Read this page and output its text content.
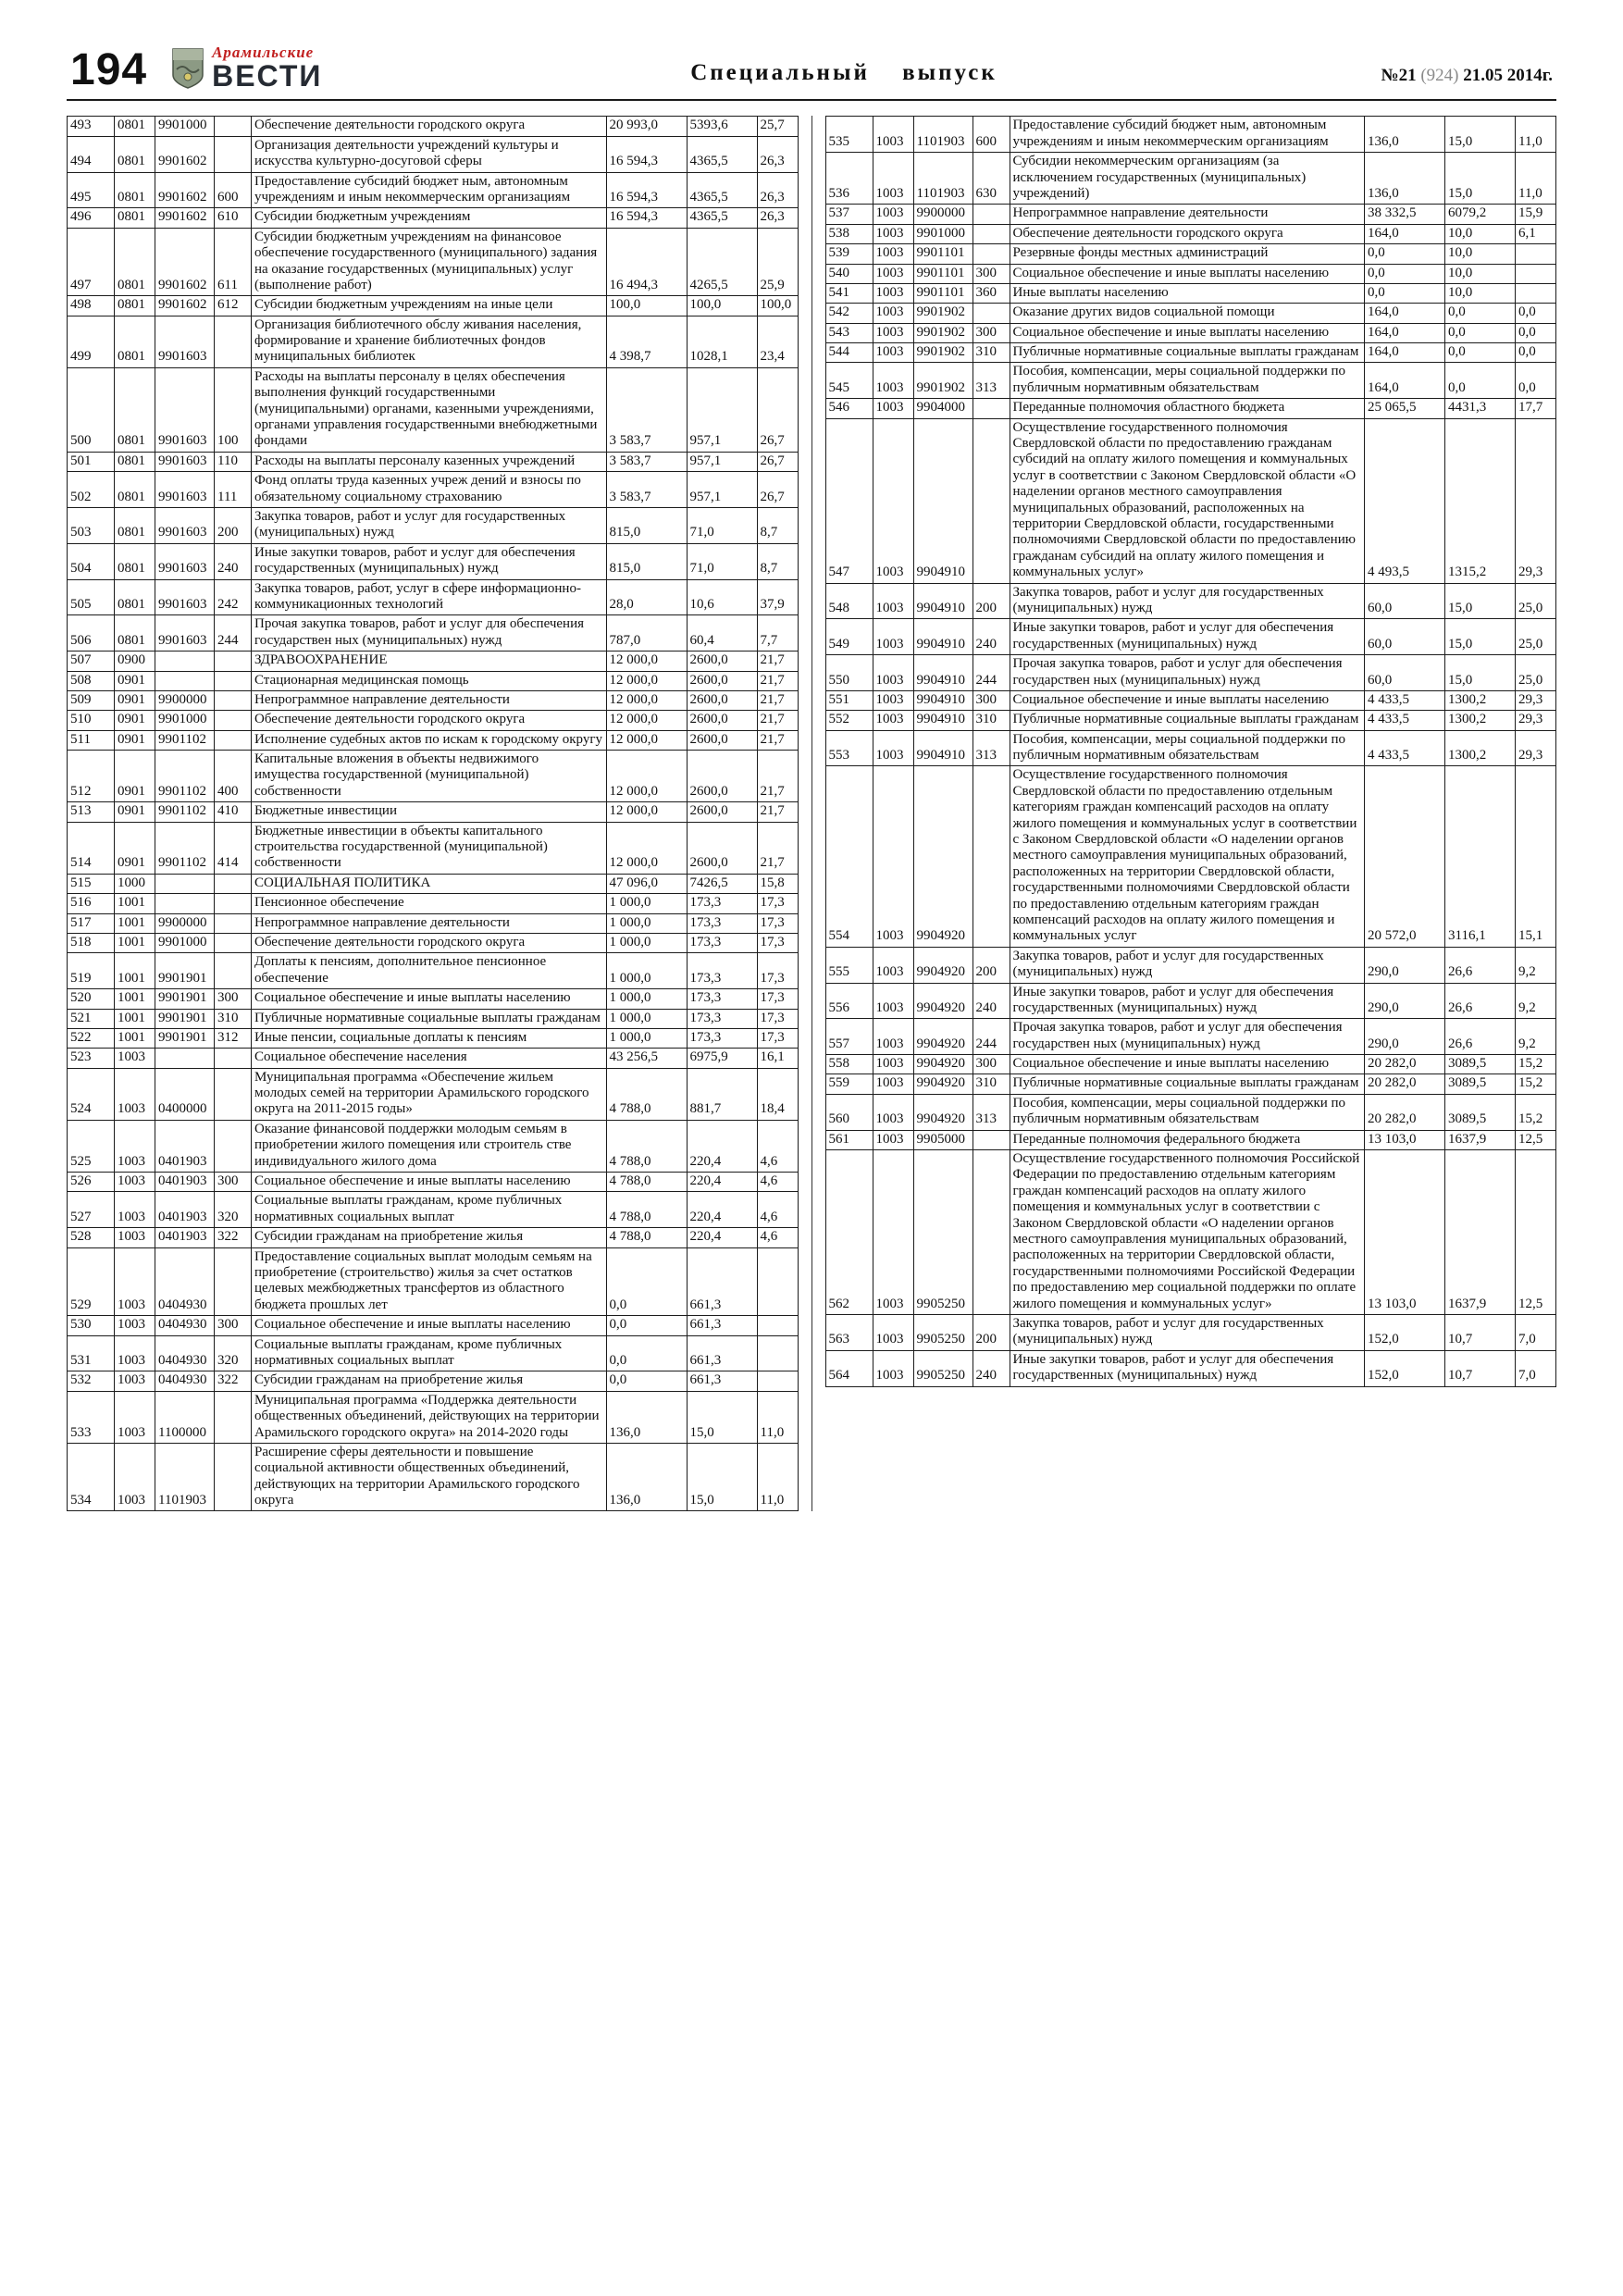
194	Арамильские
ВЕСТИ	Специальный выпуск	№21 (924) 21.05 2014г.
493	0801	9901000		Обеспечение деятельности городского округа	20 993,0	5393,6	25,7
494	0801	9901602		Организация деятельности учреждений культуры и искусства культурно-досуговой сферы	16 594,3	4365,5	26,3
495	0801	9901602	600	Предоставление субсидий бюджет ным, автономным учреждениям и иным некоммерческим организациям	16 594,3	4365,5	26,3
496	0801	9901602	610	Субсидии бюджетным учреждениям	16 594,3	4365,5	26,3
497	0801	9901602	611	Субсидии бюджетным учреждениям на финансовое обеспечение государственного (муниципального) задания на оказание государственных (муниципальных) услуг (выполнение работ)	16 494,3	4265,5	25,9
498	0801	9901602	612	Субсидии бюджетным учреждениям на иные цели	100,0	100,0	100,0
499	0801	9901603		Организация библиотечного обслу живания населения, формирование и хранение библиотечных фондов муниципальных библиотек	4 398,7	1028,1	23,4
500	0801	9901603	100	Расходы на выплаты персоналу в целях обеспечения выполнения функций государственными (муниципальными) органами, казенными учреждениями, органами управления государственными внебюджетными фондами	3 583,7	957,1	26,7
501	0801	9901603	110	Расходы на выплаты персоналу казенных учреждений	3 583,7	957,1	26,7
502	0801	9901603	111	Фонд оплаты труда казенных учреж дений и взносы по обязательному социальному страхованию	3 583,7	957,1	26,7
503	0801	9901603	200	Закупка товаров, работ и услуг для государственных (муниципальных) нужд	815,0	71,0	8,7
504	0801	9901603	240	Иные закупки товаров, работ и услуг для обеспечения государственных (муниципальных) нужд	815,0	71,0	8,7
505	0801	9901603	242	Закупка товаров, работ, услуг в сфере информационно-коммуникационных технологий	28,0	10,6	37,9
506	0801	9901603	244	Прочая закупка товаров, работ и услуг для обеспечения государствен ных (муниципальных) нужд	787,0	60,4	7,7
507	0900			ЗДРАВООХРАНЕНИЕ	12 000,0	2600,0	21,7
508	0901			Стационарная медицинская помощь	12 000,0	2600,0	21,7
509	0901	9900000		Непрограммное направление деятельности	12 000,0	2600,0	21,7
510	0901	9901000		Обеспечение деятельности городского округа	12 000,0	2600,0	21,7
511	0901	9901102		Исполнение судебных актов по искам к городскому округу	12 000,0	2600,0	21,7
512	0901	9901102	400	Капитальные вложения в объекты недвижимого имущества государственной (муниципальной) собственности	12 000,0	2600,0	21,7
513	0901	9901102	410	Бюджетные инвестиции	12 000,0	2600,0	21,7
514	0901	9901102	414	Бюджетные инвестиции в объекты капитального строительства государственной (муниципальной) собственности	12 000,0	2600,0	21,7
515	1000			СОЦИАЛЬНАЯ ПОЛИТИКА	47 096,0	7426,5	15,8
516	1001			Пенсионное обеспечение	1 000,0	173,3	17,3
517	1001	9900000		Непрограммное направление деятельности	1 000,0	173,3	17,3
518	1001	9901000		Обеспечение деятельности городского округа	1 000,0	173,3	17,3
519	1001	9901901		Доплаты к пенсиям, дополнительное пенсионное обеспечение	1 000,0	173,3	17,3
520	1001	9901901	300	Социальное обеспечение и иные выплаты населению	1 000,0	173,3	17,3
521	1001	9901901	310	Публичные нормативные социальные выплаты гражданам	1 000,0	173,3	17,3
522	1001	9901901	312	Иные пенсии, социальные доплаты к пенсиям	1 000,0	173,3	17,3
523	1003			Социальное обеспечение населения	43 256,5	6975,9	16,1
524	1003	0400000		Муниципальная программа «Обеспечение жильем молодых семей на территории Арамильского городского округа на 2011-2015 годы»	4 788,0	881,7	18,4
525	1003	0401903		Оказание финансовой поддержки молодым семьям в приобретении жилого помещения или строитель стве индивидуального жилого дома	4 788,0	220,4	4,6
526	1003	0401903	300	Социальное обеспечение и иные выплаты населению	4 788,0	220,4	4,6
527	1003	0401903	320	Социальные выплаты гражданам, кроме публичных нормативных социальных выплат	4 788,0	220,4	4,6
528	1003	0401903	322	Субсидии гражданам на приобретение жилья	4 788,0	220,4	4,6
529	1003	0404930		Предоставление социальных выплат молодым семьям на приобретение (строительство) жилья за счет остатков целевых межбюджетных трансфертов из областного бюджета прошлых лет	0,0	661,3	
530	1003	0404930	300	Социальное обеспечение и иные выплаты населению	0,0	661,3	
531	1003	0404930	320	Социальные выплаты гражданам, кроме публичных нормативных социальных выплат	0,0	661,3	
532	1003	0404930	322	Субсидии гражданам на приобретение жилья	0,0	661,3	
533	1003	1100000		Муниципальная программа «Поддержка деятельности общественных объединений, действующих на территории Арамильского городского округа» на 2014-2020 годы	136,0	15,0	11,0
534	1003	1101903		Расширение сферы деятельности и повышение социальной активности общественных объединений, действующих на территории Арамильского городского округа	136,0	15,0	11,0
535	1003	1101903	600	Предоставление субсидий бюджет ным, автономным учреждениям и иным некоммерческим организациям	136,0	15,0	11,0
536	1003	1101903	630	Субсидии некоммерческим организациям (за исключением государственных (муниципальных) учреждений)	136,0	15,0	11,0
537	1003	9900000		Непрограммное направление деятельности	38 332,5	6079,2	15,9
538	1003	9901000		Обеспечение деятельности городского округа	164,0	10,0	6,1
539	1003	9901101		Резервные фонды местных администраций	0,0	10,0	
540	1003	9901101	300	Социальное обеспечение и иные выплаты населению	0,0	10,0	
541	1003	9901101	360	Иные выплаты населению	0,0	10,0	
542	1003	9901902		Оказание других видов социальной помощи	164,0	0,0	0,0
543	1003	9901902	300	Социальное обеспечение и иные выплаты населению	164,0	0,0	0,0
544	1003	9901902	310	Публичные нормативные социальные выплаты гражданам	164,0	0,0	0,0
545	1003	9901902	313	Пособия, компенсации, меры социальной поддержки по публичным нормативным обязательствам	164,0	0,0	0,0
546	1003	9904000		Переданные полномочия областного бюджета	25 065,5	4431,3	17,7
547	1003	9904910		Осуществление государственного полномочия Свердловской области по предоставлению гражданам субсидий на оплату жилого помещения и коммунальных услуг в соответствии с Законом Свердловской области «О наделении органов местного самоуправления муниципальных образований, расположенных на территории Свердловской области, государственными полномочиями Свердловской области по предоставлению гражданам субсидий на оплату жилого помещения и коммунальных услуг»	4 493,5	1315,2	29,3
548	1003	9904910	200	Закупка товаров, работ и услуг для государственных (муниципальных) нужд	60,0	15,0	25,0
549	1003	9904910	240	Иные закупки товаров, работ и услуг для обеспечения государственных (муниципальных) нужд	60,0	15,0	25,0
550	1003	9904910	244	Прочая закупка товаров, работ и услуг для обеспечения государствен ных (муниципальных) нужд	60,0	15,0	25,0
551	1003	9904910	300	Социальное обеспечение и иные выплаты населению	4 433,5	1300,2	29,3
552	1003	9904910	310	Публичные нормативные социальные выплаты гражданам	4 433,5	1300,2	29,3
553	1003	9904910	313	Пособия, компенсации, меры социальной поддержки по публичным нормативным обязательствам	4 433,5	1300,2	29,3
554	1003	9904920		Осуществление государственного полномочия Свердловской области по предоставлению отдельным категориям граждан компенсаций расходов на оплату жилого помещения и коммунальных услуг в соответствии с Законом Свердловской области «О наделении органов местного самоуправления муниципальных образований, расположенных на территории Свердловской области, государственными полномочиями Свердловской области по предоставлению отдельным категориям граждан компенсаций расходов на оплату жилого помещения и коммунальных услуг	20 572,0	3116,1	15,1
555	1003	9904920	200	Закупка товаров, работ и услуг для государственных (муниципальных) нужд	290,0	26,6	9,2
556	1003	9904920	240	Иные закупки товаров, работ и услуг для обеспечения государственных (муниципальных) нужд	290,0	26,6	9,2
557	1003	9904920	244	Прочая закупка товаров, работ и услуг для обеспечения государствен ных (муниципальных) нужд	290,0	26,6	9,2
558	1003	9904920	300	Социальное обеспечение и иные выплаты населению	20 282,0	3089,5	15,2
559	1003	9904920	310	Публичные нормативные социальные выплаты гражданам	20 282,0	3089,5	15,2
560	1003	9904920	313	Пособия, компенсации, меры социальной поддержки по публичным нормативным обязательствам	20 282,0	3089,5	15,2
561	1003	9905000		Переданные полномочия федерального бюджета	13 103,0	1637,9	12,5
562	1003	9905250		Осуществление государственного полномочия Российской Федерации по предоставлению отдельным категориям граждан компенсаций расходов на оплату жилого помещения и коммунальных услуг в соответствии с Законом Свердловской области «О наделении органов местного самоуправления муниципальных образований, расположенных на территории Свердловской области, государственными полномочиями Российской Федерации по предоставлению мер социальной поддержки по оплате жилого помещения и коммунальных услуг»	13 103,0	1637,9	12,5
563	1003	9905250	200	Закупка товаров, работ и услуг для государственных (муниципальных) нужд	152,0	10,7	7,0
564	1003	9905250	240	Иные закупки товаров, работ и услуг для обеспечения государственных (муниципальных) нужд	152,0	10,7	7,0
